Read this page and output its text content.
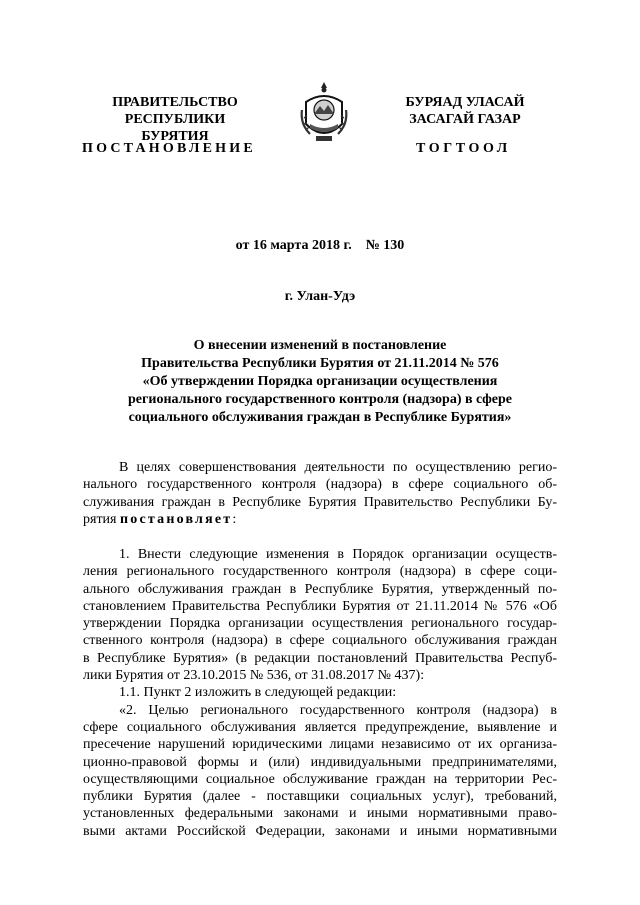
ПРАВИТЕЛЬСТВО
РЕСПУБЛИКИ БУРЯТИЯ
ПОСТАНОВЛЕНИЕ
БУРЯАД УЛАСАЙ
ЗАСАГАЙ ГАЗАР
ТОГТООЛ
от 16 марта 2018 г.    № 130
г. Улан-Удэ
О внесении изменений в постановление
Правительства Республики Бурятия от 21.11.2014 № 576
«Об утверждении Порядка организации осуществления
регионального государственного контроля (надзора) в сфере
социального обслуживания граждан в Республике Бурятия»
В целях совершенствования деятельности по осуществлению регио-
нального государственного контроля (надзора) в сфере социального об-
служивания граждан в Республике Бурятия Правительство Республики Бу-
рятия постановляет:
1. Внести следующие изменения в Порядок организации осуществ-
ления регионального государственного контроля (надзора) в сфере соци-
ального обслуживания граждан в Республике Бурятия, утвержденный по-
становлением Правительства Республики Бурятия от 21.11.2014 № 576 «Об
утверждении Порядка организации осуществления регионального государ-
ственного контроля (надзора) в сфере социального обслуживания граждан
в Республике Бурятия» (в редакции постановлений Правительства Респуб-
лики Бурятия от 23.10.2015 № 536, от 31.08.2017 № 437):
1.1. Пункт 2 изложить в следующей редакции:
«2. Целью регионального государственного контроля (надзора) в
сфере социального обслуживания является предупреждение, выявление и
пресечение нарушений юридическими лицами независимо от их организа-
ционно-правовой формы и (или) индивидуальными предпринимателями,
осуществляющими социальное обслуживание граждан на территории Рес-
публики Бурятия (далее - поставщики социальных услуг), требований,
установленных федеральными законами и иными нормативными право-
выми актами Российской Федерации, законами и иными нормативными
